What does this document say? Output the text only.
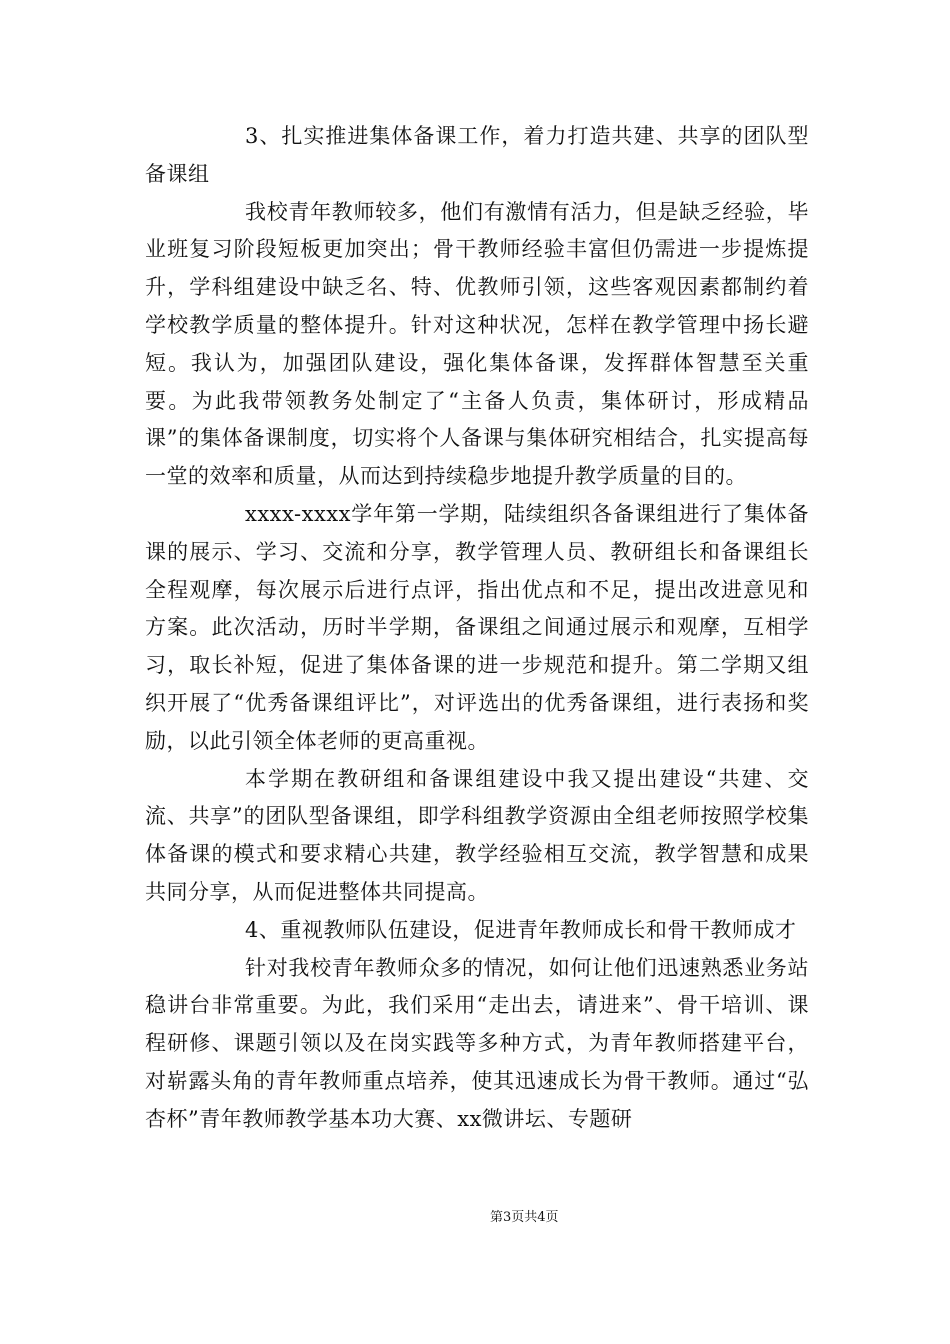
3、扎实推进集体备课工作，着力打造共建、共享的团队型备课组

我校青年教师较多，他们有激情有活力，但是缺乏经验，毕业班复习阶段短板更加突出；骨干教师经验丰富但仍需进一步提炼提升，学科组建设中缺乏名、特、优教师引领，这些客观因素都制约着学校教学质量的整体提升。针对这种状况，怎样在教学管理中扬长避短。我认为，加强团队建设，强化集体备课，发挥群体智慧至关重要。为此我带领教务处制定了“主备人负责，集体研讨，形成精品课”的集体备课制度，切实将个人备课与集体研究相结合，扎实提高每一堂的效率和质量，从而达到持续稳步地提升教学质量的目的。

xxxx-xxxx学年第一学期，陆续组织各备课组进行了集体备课的展示、学习、交流和分享，教学管理人员、教研组长和备课组长全程观摩，每次展示后进行点评，指出优点和不足，提出改进意见和方案。此次活动，历时半学期，备课组之间通过展示和观摩，互相学习，取长补短，促进了集体备课的进一步规范和提升。第二学期又组织开展了“优秀备课组评比”，对评选出的优秀备课组，进行表扬和奖励，以此引领全体老师的更高重视。

本学期在教研组和备课组建设中我又提出建设“共建、交流、共享”的团队型备课组，即学科组教学资源由全组老师按照学校集体备课的模式和要求精心共建，教学经验相互交流，教学智慧和成果共同分享，从而促进整体共同提高。

4、重视教师队伍建设，促进青年教师成长和骨干教师成才

针对我校青年教师众多的情况，如何让他们迅速熟悉业务站稳讲台非常重要。为此，我们采用“走出去，请进来”、骨干培训、课程研修、课题引领以及在岗实践等多种方式，为青年教师搭建平台，对崭露头角的青年教师重点培养，使其迅速成长为骨干教师。通过“弘杏杯”青年教师教学基本功大赛、xx微讲坛、专题研

第3页共4页
